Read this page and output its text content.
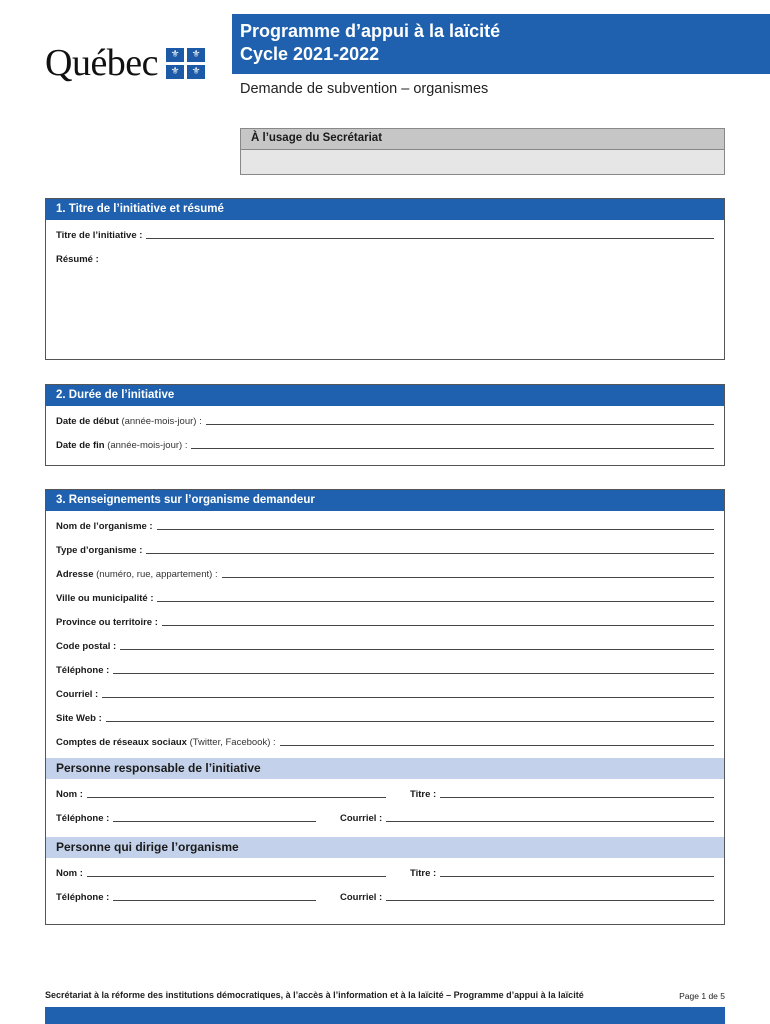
Québec	⚜	⚜
⚜	⚜
Programme d’appui à la laïcité
Cycle 2021-2022
Demande de subvention – organismes
À l’usage du Secrétariat
1. Titre de l’initiative et résumé
Titre de l’initiative :
Résumé :
2. Durée de l’initiative
Date de début
(année-mois-jour) :
Date de fin
(année-mois-jour) :
3. Renseignements sur l’organisme demandeur
Nom de l’organisme :
Type d’organisme :
Adresse
(numéro, rue, appartement) :
Ville ou municipalité :
Province ou territoire :
Code postal :
Téléphone :
Courriel :
Site Web :
Comptes de réseaux sociaux
(Twitter, Facebook) :
Personne responsable de l’initiative
Nom :	Titre :
Téléphone :	Courriel :
Personne qui dirige l’organisme
Nom :	Titre :
Téléphone :	Courriel :
Secrétariat à la réforme des institutions démocratiques, à l’accès à l’information et à la laïcité – Programme d’appui à la laïcité	Page 1 de 5
